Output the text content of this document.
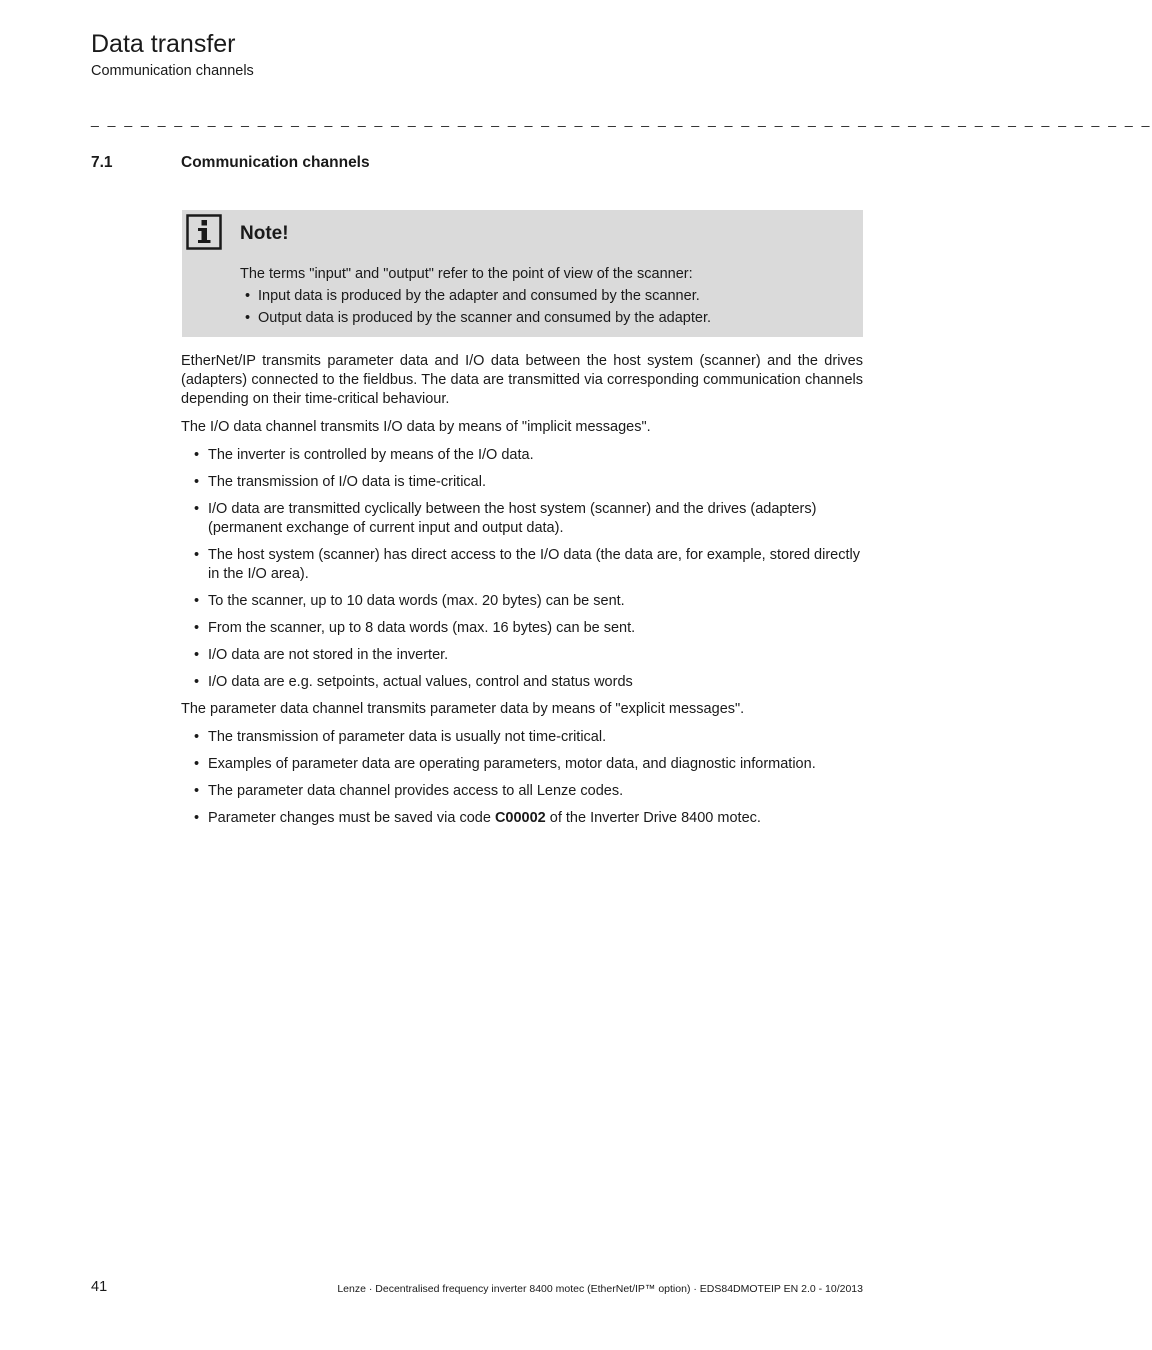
Data transfer
Communication channels
_ _ _ _ _ _ _ _ _ _ _ _ _ _ _ _ _ _ _ _ _ _ _ _ _ _ _ _ _ _ _ _ _ _ _ _ _ _ _ _ _ _ _ _ _ _ _ _ _ _ _ _ _ _ _ _ _ _ _ _ _ _ _ _
7.1	Communication channels
Note!
The terms "input" and "output" refer to the point of view of the scanner:
• Input data is produced by the adapter and consumed by the scanner.
• Output data is produced by the scanner and consumed by the adapter.

EtherNet/IP transmits parameter data and I/O data between the host system (scanner) and the drives (adapters) connected to the fieldbus. The data are transmitted via corresponding communication channels depending on their time-critical behaviour.

The I/O data channel transmits I/O data by means of "implicit messages".

• The inverter is controlled by means of the I/O data.
• The transmission of I/O data is time-critical.
• I/O data are transmitted cyclically between the host system (scanner) and the drives (adapters) (permanent exchange of current input and output data).
• The host system (scanner) has direct access to the I/O data (the data are, for example, stored directly in the I/O area).
• To the scanner, up to 10 data words (max. 20 bytes) can be sent.
• From the scanner, up to 8 data words (max. 16 bytes) can be sent.
• I/O data are not stored in the inverter.
• I/O data are e.g. setpoints, actual values, control and status words

The parameter data channel transmits parameter data by means of "explicit messages".

• The transmission of parameter data is usually not time-critical.
• Examples of parameter data are operating parameters, motor data, and diagnostic information.
• The parameter data channel provides access to all Lenze codes.
• Parameter changes must be saved via code C00002 of the Inverter Drive 8400 motec.
41	Lenze · Decentralised frequency inverter 8400 motec (EtherNet/IP™ option) · EDS84DMOTEIP EN 2.0 - 10/2013
